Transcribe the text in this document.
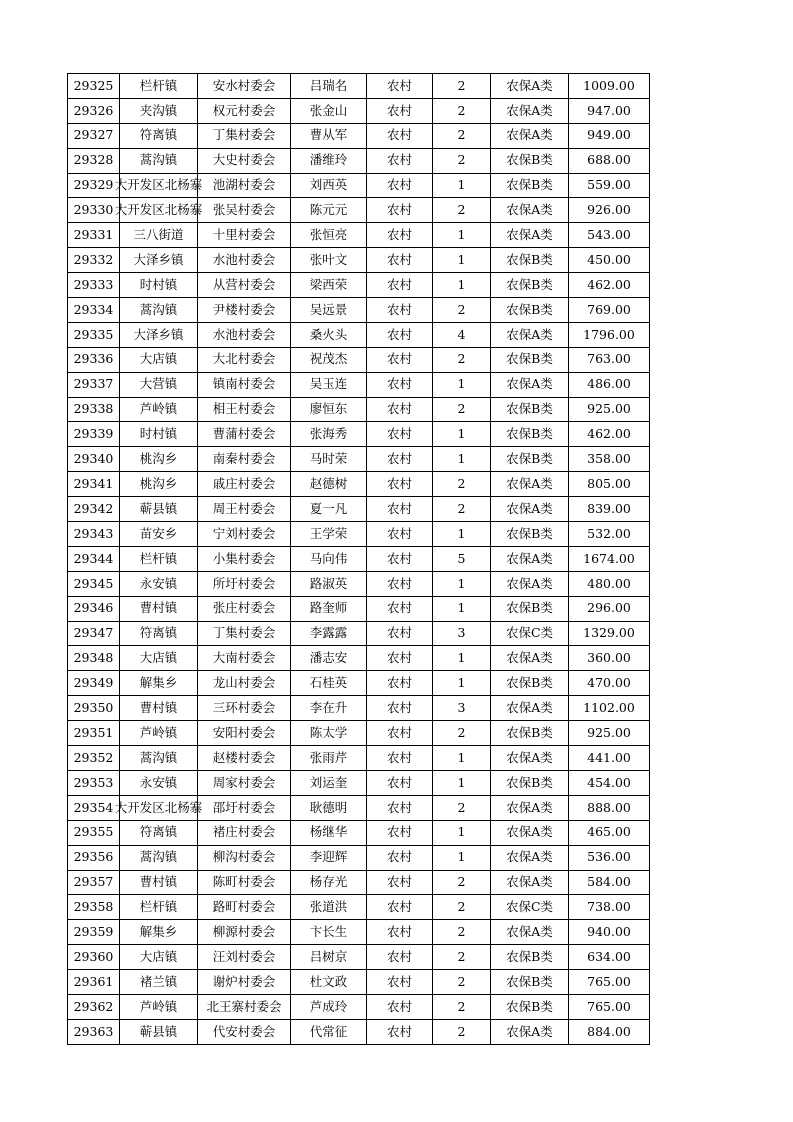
29325	栏杆镇	安水村委会	吕瑞名	农村	2	农保A类	1009.00
29326	夹沟镇	权元村委会	张金山	农村	2	农保A类	947.00
29327	符离镇	丁集村委会	曹从军	农村	2	农保A类	949.00
29328	蒿沟镇	大史村委会	潘维玲	农村	2	农保B类	688.00
29329	大开发区北杨寨	池湖村委会	刘西英	农村	1	农保B类	559.00
29330	大开发区北杨寨	张吴村委会	陈元元	农村	2	农保A类	926.00
29331	三八街道	十里村委会	张恒亮	农村	1	农保A类	543.00
29332	大泽乡镇	水池村委会	张叶文	农村	1	农保B类	450.00
29333	时村镇	从营村委会	梁西荣	农村	1	农保B类	462.00
29334	蒿沟镇	尹楼村委会	吴远景	农村	2	农保B类	769.00
29335	大泽乡镇	水池村委会	桑火头	农村	4	农保A类	1796.00
29336	大店镇	大北村委会	祝茂杰	农村	2	农保B类	763.00
29337	大营镇	镇南村委会	吴玉连	农村	1	农保A类	486.00
29338	芦岭镇	相王村委会	廖恒东	农村	2	农保B类	925.00
29339	时村镇	曹蒲村委会	张海秀	农村	1	农保B类	462.00
29340	桃沟乡	南秦村委会	马时荣	农村	1	农保B类	358.00
29341	桃沟乡	戚庄村委会	赵德树	农村	2	农保A类	805.00
29342	蕲县镇	周王村委会	夏一凡	农村	2	农保A类	839.00
29343	苗安乡	宁刘村委会	王学荣	农村	1	农保B类	532.00
29344	栏杆镇	小集村委会	马向伟	农村	5	农保A类	1674.00
29345	永安镇	所圩村委会	路淑英	农村	1	农保A类	480.00
29346	曹村镇	张庄村委会	路奎师	农村	1	农保B类	296.00
29347	符离镇	丁集村委会	李露露	农村	3	农保C类	1329.00
29348	大店镇	大南村委会	潘志安	农村	1	农保A类	360.00
29349	解集乡	龙山村委会	石桂英	农村	1	农保B类	470.00
29350	曹村镇	三环村委会	李在升	农村	3	农保A类	1102.00
29351	芦岭镇	安阳村委会	陈太学	农村	2	农保B类	925.00
29352	蒿沟镇	赵楼村委会	张雨芹	农村	1	农保A类	441.00
29353	永安镇	周家村委会	刘运奎	农村	1	农保B类	454.00
29354	大开发区北杨寨	邵圩村委会	耿德明	农村	2	农保A类	888.00
29355	符离镇	褚庄村委会	杨继华	农村	1	农保A类	465.00
29356	蒿沟镇	柳沟村委会	李迎辉	农村	1	农保A类	536.00
29357	曹村镇	陈町村委会	杨存光	农村	2	农保A类	584.00
29358	栏杆镇	路町村委会	张道洪	农村	2	农保C类	738.00
29359	解集乡	柳源村委会	卞长生	农村	2	农保A类	940.00
29360	大店镇	汪刘村委会	吕树京	农村	2	农保B类	634.00
29361	褚兰镇	谢炉村委会	杜文政	农村	2	农保B类	765.00
29362	芦岭镇	北王寨村委会	芦成玲	农村	2	农保B类	765.00
29363	蕲县镇	代安村委会	代常征	农村	2	农保A类	884.00
